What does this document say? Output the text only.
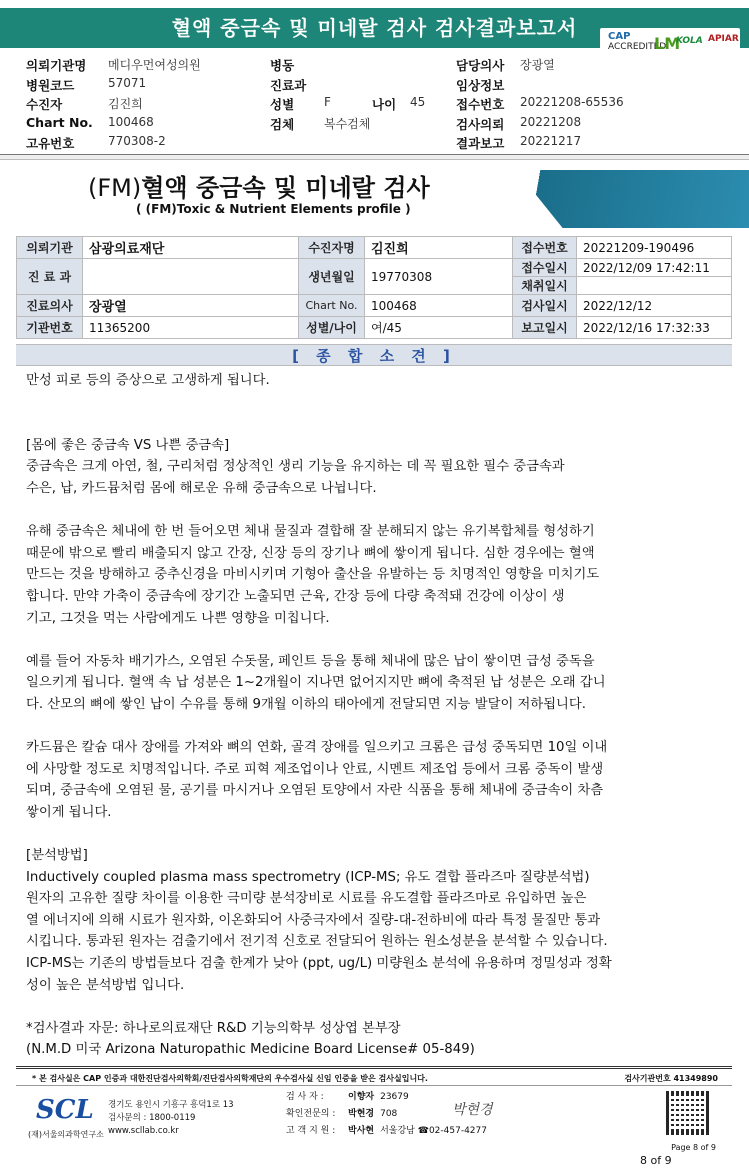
혈액 중금속 및 미네랄 검사 검사결과보고서
의뢰기관명 메디우먼여성의원
병원코드	57071
수진자	김진희
Chart No. 100468
고유번호	770308-2
병동
진료과
성별 F	나이 45
검체 복수검체
담당의사 장광열
임상정보
접수번호 20221208-65536
검사의뢰 20221208
결과보고 20221217
(FM)혈액 중금속 및 미네랄 검사
( (FM)Toxic & Nutrient Elements profile )
CAP
ACCREDITED
LM
KOLA APIAR
의뢰기관	삼광의료재단	수진자명	김진희	접수번호	20221209-190496
진 료 과		생년월일	19770308	접수일시	2022/12/09 17:42:11
				채취일시	
진료의사	장광열	Chart No.	100468	검사일시	2022/12/12
기관번호	11365200	성별/나이	여/45	보고일시	2022/12/16 17:32:33
[ 종 합 소 견 ]

만성 피로 등의 증상으로 고생하게 됩니다.

[몸에 좋은 중금속 VS 나쁜 중금속]

중금속은 크게 아연, 철, 구리처럼 정상적인 생리 기능을 유지하는 데 꼭 필요한 필수 중금속과

수은, 납, 카드뮴처럼 몸에 해로운 유해 중금속으로 나뉩니다.

유해 중금속은 체내에 한 번 들어오면 체내 물질과 결합해 잘 분해되지 않는 유기복합체를 형성하기

때문에 밖으로 빨리 배출되지 않고 간장, 신장 등의 장기나 뼈에 쌓이게 됩니다. 심한 경우에는 혈액

만드는 것을 방해하고 중추신경을 마비시키며 기형아 출산을 유발하는 등 치명적인 영향을 미치기도

합니다. 만약 가축이 중금속에 장기간 노출되면 근육, 간장 등에 다량 축적돼 건강에 이상이 생

기고, 그것을 먹는 사람에게도 나쁜 영향을 미칩니다.

예를 들어 자동차 배기가스, 오염된 수돗물, 페인트 등을 통해 체내에 많은 납이 쌓이면 급성 중독을

일으키게 됩니다. 혈액 속 납 성분은 1~2개월이 지나면 없어지지만 뼈에 축적된 납 성분은 오래 갑니

다. 산모의 뼈에 쌓인 납이 수유를 통해 9개월 이하의 태아에게 전달되면 지능 발달이 저하됩니다.

카드뮴은 칼슘 대사 장애를 가져와 뼈의 연화, 골격 장애를 일으키고 크롬은 급성 중독되면 10일 이내

에 사망할 정도로 치명적입니다. 주로 피혁 제조업이나 안료, 시멘트 제조업 등에서 크롬 중독이 발생

되며, 중금속에 오염된 물, 공기를 마시거나 오염된 토양에서 자란 식품을 통해 체내에 중금속이 차츰

쌓이게 됩니다.

[분석방법]

Inductively coupled plasma mass spectrometry (ICP-MS; 유도 결합 플라즈마 질량분석법)

원자의 고유한 질량 차이를 이용한 극미량 분석장비로 시료를 유도결합 플라즈마로 유입하면 높은

열 에너지에 의해 시료가 원자화, 이온화되어 사중극자에서 질량-대-전하비에 따라 특정 물질만 통과

시킵니다. 통과된 원자는 검출기에서 전기적 신호로 전달되어 원하는 원소성분을 분석할 수 있습니다.

ICP-MS는 기존의 방법들보다 검출 한계가 낮아 (ppt, ug/L) 미량원소 분석에 유용하며 정밀성과 정확

성이 높은 분석방법 입니다.

*검사결과 자문: 하나로의료재단 R&D 기능의학부 성상엽 본부장

(N.M.D 미국 Arizona Naturopathic Medicine Board License# 05-849)

* 본 검사실은 CAP 인증과 대한진단검사의학회/진단검사의학재단의 우수검사실 신임 인증을 받은 검사실입니다.	검사기관번호 41349890
SCL
(재)서울의과학연구소
경기도 용인시 기흥구 흥덕1로 13
검사문의 : 1800-0119
www.scllab.co.kr
검 사 자 :	이향자 23679
확인전문의 :	박현경 708
고 객 지 원 :	박사현 서울강남 ☎02-457-4277
박현경
Page 8 of 9
8 of 9
